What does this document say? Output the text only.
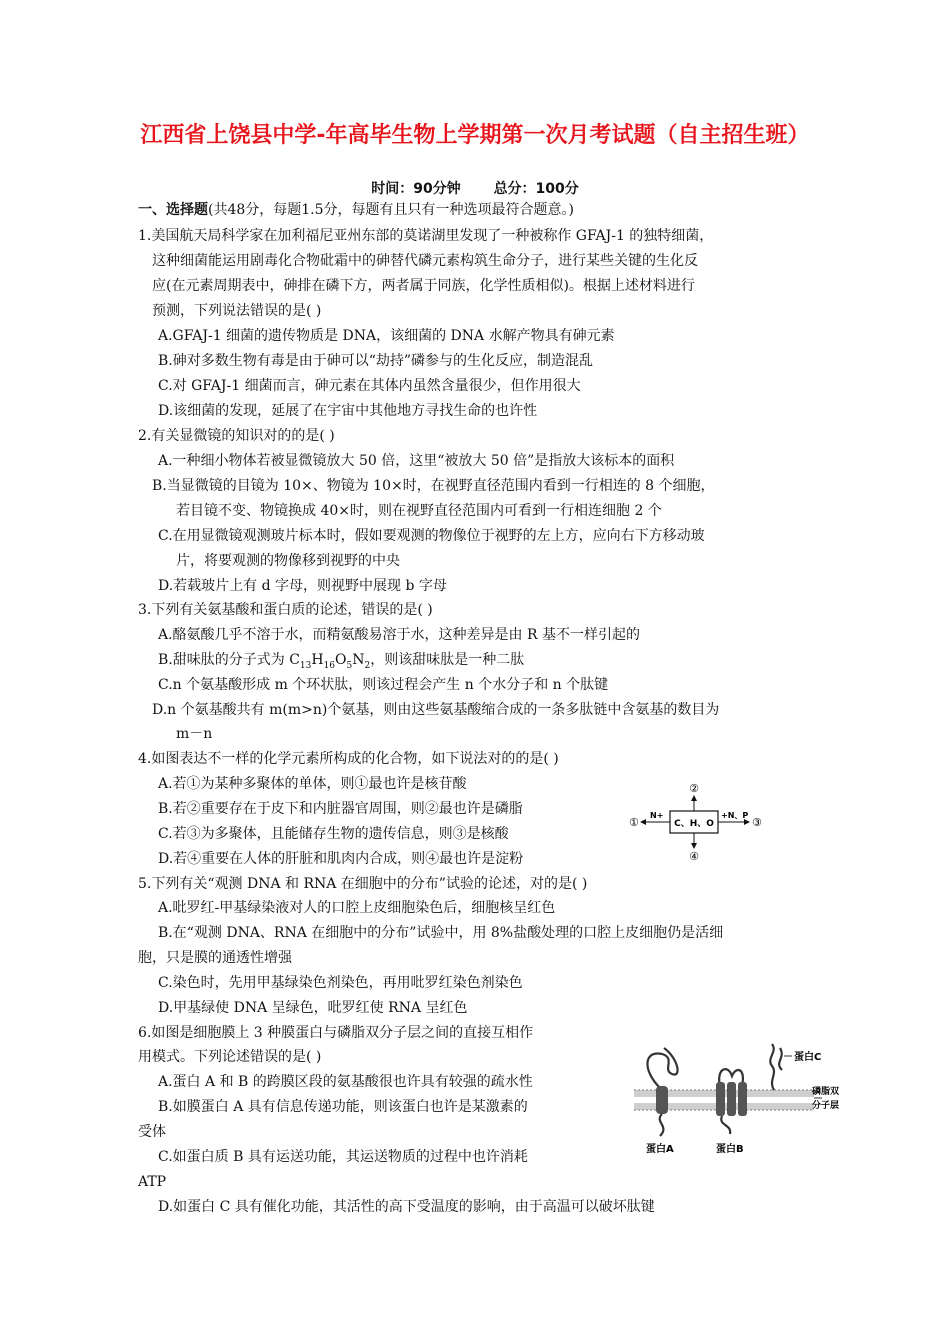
江西省上饶县中学-年高毕生物上学期第一次月考试题（自主招生班）
时间：90分钟 总分：100分
一、选择题(共48分，每题1.5分，每题有且只有一种选项最符合题意。)
1.美国航天局科学家在加利福尼亚州东部的莫诺湖里发现了一种被称作 GFAJ-1 的独特细菌，
这种细菌能运用剧毒化合物砒霜中的砷替代磷元素构筑生命分子，进行某些关键的生化反
应(在元素周期表中，砷排在磷下方，两者属于同族，化学性质相似)。根据上述材料进行
预测，下列说法错误的是( )
A.GFAJ-1 细菌的遗传物质是 DNA，该细菌的 DNA 水解产物具有砷元素
B.砷对多数生物有毒是由于砷可以“劫持”磷参与的生化反应，制造混乱
C.对 GFAJ-1 细菌而言，砷元素在其体内虽然含量很少，但作用很大
D.该细菌的发现，延展了在宇宙中其他地方寻找生命的也许性
2.有关显微镜的知识对的的是( )
A.一种细小物体若被显微镜放大 50 倍，这里“被放大 50 倍”是指放大该标本的面积
B.当显微镜的目镜为 10×、物镜为 10×时，在视野直径范围内看到一行相连的 8 个细胞，
若目镜不变、物镜换成 40×时，则在视野直径范围内可看到一行相连细胞 2 个
C.在用显微镜观测玻片标本时，假如要观测的物像位于视野的左上方，应向右下方移动玻
片，将要观测的物像移到视野的中央
D.若载玻片上有 d 字母，则视野中展现 b 字母
3.下列有关氨基酸和蛋白质的论述，错误的是( )
A.酪氨酸几乎不溶于水，而精氨酸易溶于水，这种差异是由 R 基不一样引起的
B.甜味肽的分子式为 $C_{13}H_{16}O_5N_2$，则该甜味肽是一种二肽
C.n 个氨基酸形成 m 个环状肽，则该过程会产生 n 个水分子和 n 个肽键
D.n 个氨基酸共有 m(m>n)个氨基，则由这些氨基酸缩合成的一条多肽链中含氨基的数目为
m－n
4.如图表达不一样的化学元素所构成的化合物，如下说法对的的是( )
A.若①为某种多聚体的单体，则①最也许是核苷酸
B.若②重要存在于皮下和内脏器官周围，则②最也许是磷脂
C.若③为多聚体，且能储存生物的遗传信息，则③是核酸
D.若④重要在人体的肝脏和肌肉内合成，则④最也许是淀粉
C、H、O
②
④
N+
①
+N、P
③
5.下列有关“观测 DNA 和 RNA 在细胞中的分布”试验的论述，对的是( )
A.吡罗红-甲基绿染液对人的口腔上皮细胞染色后，细胞核呈红色
B.在“观测 DNA、RNA 在细胞中的分布”试验中，用 8%盐酸处理的口腔上皮细胞仍是活细
胞，只是膜的通透性增强
C.染色时，先用甲基绿染色剂染色，再用吡罗红染色剂染色
D.甲基绿使 DNA 呈绿色，吡罗红使 RNA 呈红色
6.如图是细胞膜上 3 种膜蛋白与磷脂双分子层之间的直接互相作
用模式。下列论述错误的是( )
A.蛋白 A 和 B 的跨膜区段的氨基酸很也许具有较强的疏水性
B.如膜蛋白 A 具有信息传递功能，则该蛋白也许是某激素的
受体
C.如蛋白质 B 具有运送功能，其运送物质的过程中也许消耗
ATP
D.如蛋白 C 具有催化功能，其活性的高下受温度的影响，由于高温可以破坏肽键
蛋白A	蛋白B
蛋白C
磷脂双
分子层
